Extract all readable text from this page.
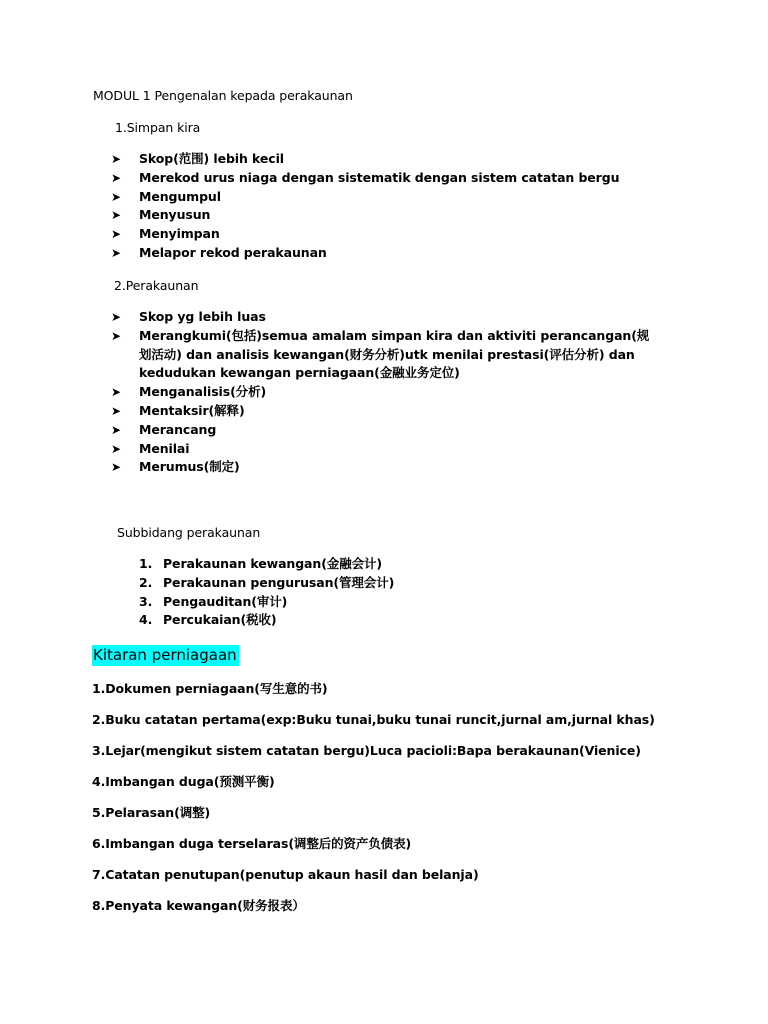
MODUL 1 Pengenalan kepada perakaunan
1.Simpan kira
➤ Skop(范围) lebih kecil
➤ Merekod urus niaga dengan sistematik dengan sistem catatan bergu
➤ Mengumpul
➤ Menyusun
➤ Menyimpan
➤ Melapor rekod perakaunan
2.Perakaunan
➤ Skop yg lebih luas
➤ Merangkumi(包括)semua amalam simpan kira dan aktiviti perancangan(规划活动) dan analisis kewangan(财务分析)utk menilai prestasi(评估分析) dan kedudukan kewangan perniagaan(金融业务定位)
➤ Menganalisis(分析)
➤ Mentaksir(解释)
➤ Merancang
➤ Menilai
➤ Merumus(制定)
Subbidang perakaunan
1. Perakaunan kewangan(金融会计)
2. Perakaunan pengurusan(管理会计)
3. Pengauditan(审计)
4. Percukaian(税收)
Kitaran perniagaan
1.Dokumen perniagaan(写生意的书)
2.Buku catatan pertama(exp:Buku tunai,buku tunai runcit,jurnal am,jurnal khas)
3.Lejar(mengikut sistem catatan bergu)Luca pacioli:Bapa berakaunan(Vienice)
4.Imbangan duga(预测平衡)
5.Pelarasan(调整)
6.Imbangan duga terselaras(调整后的资产负债表)
7.Catatan penutupan(penutup akaun hasil dan belanja)
8.Penyata kewangan(财务报表）
